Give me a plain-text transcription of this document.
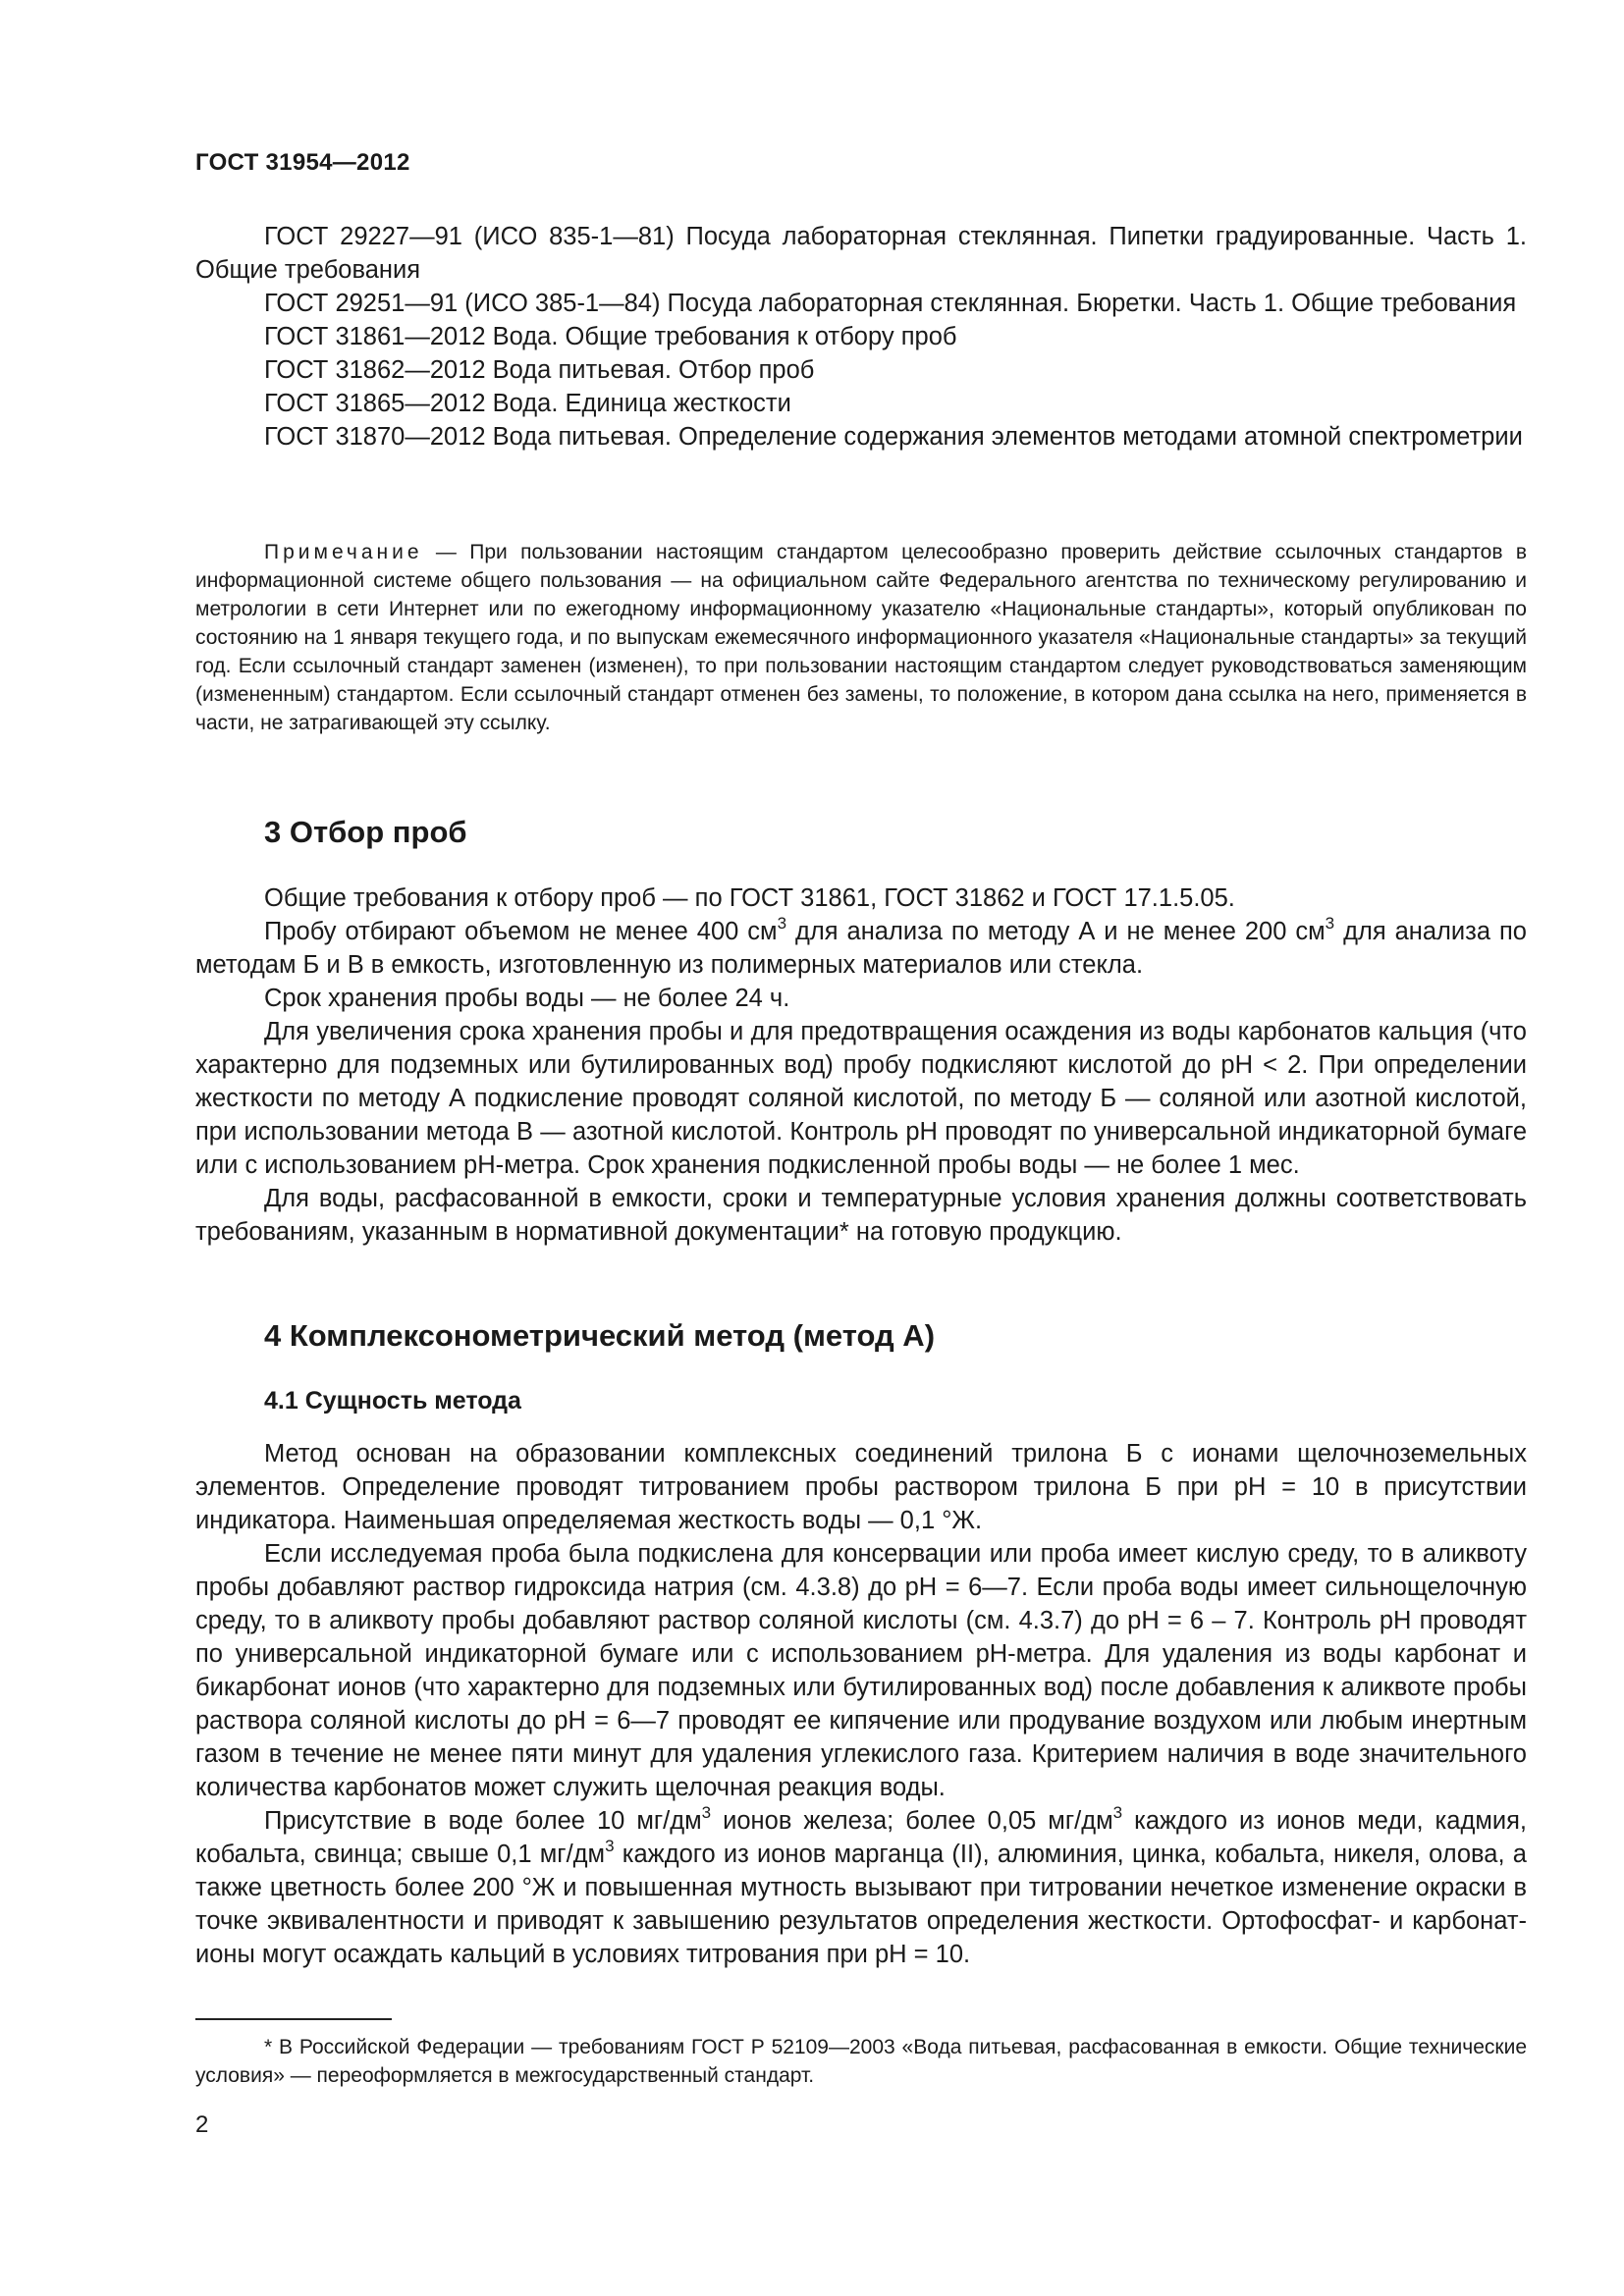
ГОСТ 31954—2012

ГОСТ 29227—91 (ИСО 835-1—81) Посуда лабораторная стеклянная. Пипетки градуированные. Часть 1. Общие требования

ГОСТ 29251—91 (ИСО 385-1—84) Посуда лабораторная стеклянная. Бюретки. Часть 1. Общие требования

ГОСТ 31861—2012 Вода. Общие требования к отбору проб

ГОСТ 31862—2012 Вода питьевая. Отбор проб

ГОСТ 31865—2012 Вода. Единица жесткости

ГОСТ 31870—2012 Вода питьевая. Определение содержания элементов методами атомной спектрометрии

Примечание — При пользовании настоящим стандартом целесообразно проверить действие ссылочных стандартов в информационной системе общего пользования — на официальном сайте Федерального агентства по техническому регулированию и метрологии в сети Интернет или по ежегодному информационному указателю «Национальные стандарты», который опубликован по состоянию на 1 января текущего года, и по выпускам ежемесячного информационного указателя «Национальные стандарты» за текущий год. Если ссылочный стандарт заменен (изменен), то при пользовании настоящим стандартом следует руководствоваться заменяющим (измененным) стандартом. Если ссылочный стандарт отменен без замены, то положение, в котором дана ссылка на него, применяется в части, не затрагивающей эту ссылку.

3 Отбор проб

Общие требования к отбору проб — по ГОСТ 31861, ГОСТ 31862 и ГОСТ 17.1.5.05.

Пробу отбирают объемом не менее 400 $см^3$ для анализа по методу А и не менее 200 $см^3$ для анализа по методам Б и В в емкость, изготовленную из полимерных материалов или стекла.

Срок хранения пробы воды — не более 24 ч.

Для увеличения срока хранения пробы и для предотвращения осаждения из воды карбонатов кальция (что характерно для подземных или бутилированных вод) пробу подкисляют кислотой до рН < 2. При определении жесткости по методу А подкисление проводят соляной кислотой, по методу Б — соляной или азотной кислотой, при использовании метода В — азотной кислотой. Контроль рН проводят по универсальной индикаторной бумаге или с использованием рН-метра. Срок хранения подкисленной пробы воды — не более 1 мес.

Для воды, расфасованной в емкости, сроки и температурные условия хранения должны соответствовать требованиям, указанным в нормативной документации* на готовую продукцию.

4 Комплексонометрический метод (метод А)
4.1 Сущность метода

Метод основан на образовании комплексных соединений трилона Б с ионами щелочноземельных элементов. Определение проводят титрованием пробы раствором трилона Б при рН = 10 в присутствии индикатора. Наименьшая определяемая жесткость воды — 0,1 °Ж.

Если исследуемая проба была подкислена для консервации или проба имеет кислую среду, то в аликвоту пробы добавляют раствор гидроксида натрия (см. 4.3.8) до рН = 6—7. Если проба воды имеет сильнощелочную среду, то в аликвоту пробы добавляют раствор соляной кислоты (см. 4.3.7) до рН = 6 – 7. Контроль рН проводят по универсальной индикаторной бумаге или с использованием рН-метра. Для удаления из воды карбонат и бикарбонат ионов (что характерно для подземных или бутилированных вод) после добавления к аликвоте пробы раствора соляной кислоты до рН = 6—7 проводят ее кипячение или продувание воздухом или любым инертным газом в течение не менее пяти минут для удаления углекислого газа. Критерием наличия в воде значительного количества карбонатов может служить щелочная реакция воды.

Присутствие в воде более 10 $мг/дм^3$ ионов железа; более 0,05 $мг/дм^3$ каждого из ионов меди, кадмия, кобальта, свинца; свыше 0,1 $мг/дм^3$ каждого из ионов марганца (II), алюминия, цинка, кобальта, никеля, олова, а также цветность более 200 °Ж и повышенная мутность вызывают при титровании нечеткое изменение окраски в точке эквивалентности и приводят к завышению результатов определения жесткости. Ортофосфат- и карбонат-ионы могут осаждать кальций в условиях титрования при рН = 10.

* В Российской Федерации — требованиям ГОСТ Р 52109—2003 «Вода питьевая, расфасованная в емкости. Общие технические условия» — переоформляется в межгосударственный стандарт.

2
